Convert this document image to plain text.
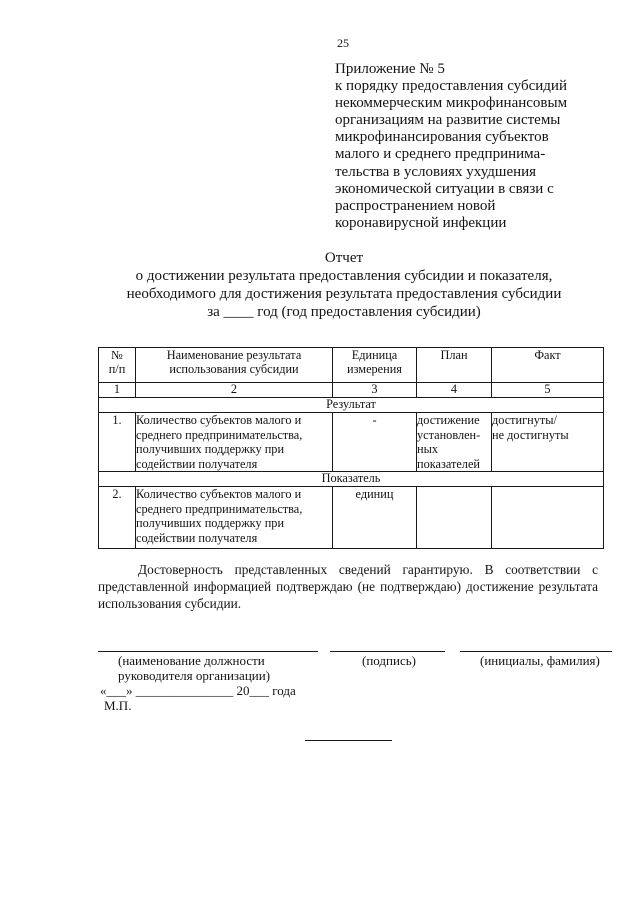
25
Приложение № 5
к порядку предоставления субсидий
некоммерческим микрофинансовым
организациям на развитие системы
микрофинансирования субъектов
малого и среднего предпринима-
тельства в условиях ухудшения
экономической ситуации в связи с
распространением новой
коронавирусной инфекции
Отчет
о достижении результата предоставления субсидии и показателя,
необходимого для достижения результата предоставления субсидии
за ____ год (год предоставления субсидии)
№
п/п	Наименование результата
использования субсидии	Единица
измерения	План	Факт
1	2	3	4	5
Результат				
1.	Количество субъектов малого и
среднего предпринимательства,
получивших поддержку при
содействии получателя	-	достижение
установлен-
ных
показателей	достигнуты/
не достигнуты
Показатель				
2.	Количество субъектов малого и
среднего предпринимательства,
получивших поддержку при
содействии получателя	единиц		
Достоверность представленных сведений гарантирую. В соответствии с
представленной информацией подтверждаю (не подтверждаю) достижение результата
использования субсидии.
(наименование должности
руководителя организации)
(подпись)	(инициалы, фамилия)
«___» _______________ 20___ года
М.П.
